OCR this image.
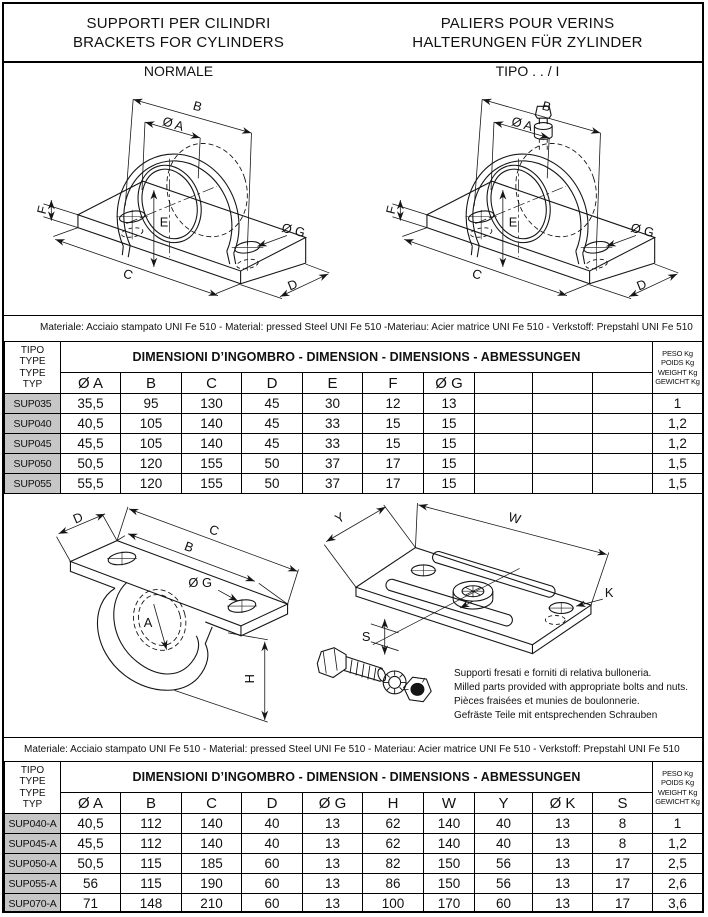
SUPPORTI PER CILINDRI
BRACKETS FOR CYLINDERS
PALIERS POUR VERINS
HALTERUNGEN FÜR ZYLINDER
NORMALE	TIPO . . / I
B
Ø A
F
E
C
D
Ø G
B
Ø A
F
E
C
D
Ø G
Materiale: Acciaio stampato UNI Fe 510 - Material: pressed Steel UNI Fe 510 -Materiau: Acier matrice UNI Fe 510 - Verkstoff: Prepstahl UNI Fe 510
TIPO
TYPE
TYPE
TYP
	DIMENSIONI D’INGOMBRO - DIMENSION - DIMENSIONS - ABMESSUNGEN	PESO Kg
POIDS Kg
WEIGHT Kg
GEWICHT Kg

	Ø A	B	C	D	E	F	Ø G				
SUP035	35,5	95	130	45	30	12	13				1
SUP040	40,5	105	140	45	33	15	15				1,2
SUP045	45,5	105	140	45	33	15	15				1,2
SUP050	50,5	120	155	50	37	17	15				1,5
SUP055	55,5	120	155	50	37	17	15				1,5
D
C
B
Ø G
A
H
Y	W
K
S
Supporti fresati e forniti di relativa bulloneria.
Milled parts provided with appropriate bolts and nuts.
Pièces fraisées et munies de boulonnerie.
Gefräste Teile mit entsprechenden Schrauben
Materiale: Acciaio stampato UNI Fe 510 - Material: pressed Steel UNI Fe 510 - Materiau: Acier matrice UNI Fe 510 - Verkstoff: Prepstahl UNI Fe 510
TIPO
TYPE
TYPE
TYP
	DIMENSIONI D’INGOMBRO - DIMENSION - DIMENSIONS - ABMESSUNGEN	PESO Kg
POIDS Kg
WEIGHT Kg
GEWICHT Kg

	Ø A	B	C	D	Ø G	H	W	Y	Ø K	S	
SUP040-A	40,5	112	140	40	13	62	140	40	13	8	1
SUP045-A	45,5	112	140	40	13	62	140	40	13	8	1,2
SUP050-A	50,5	115	185	60	13	82	150	56	13	17	2,5
SUP055-A	56	115	190	60	13	86	150	56	13	17	2,6
SUP070-A	71	148	210	60	13	100	170	60	13	17	3,6
